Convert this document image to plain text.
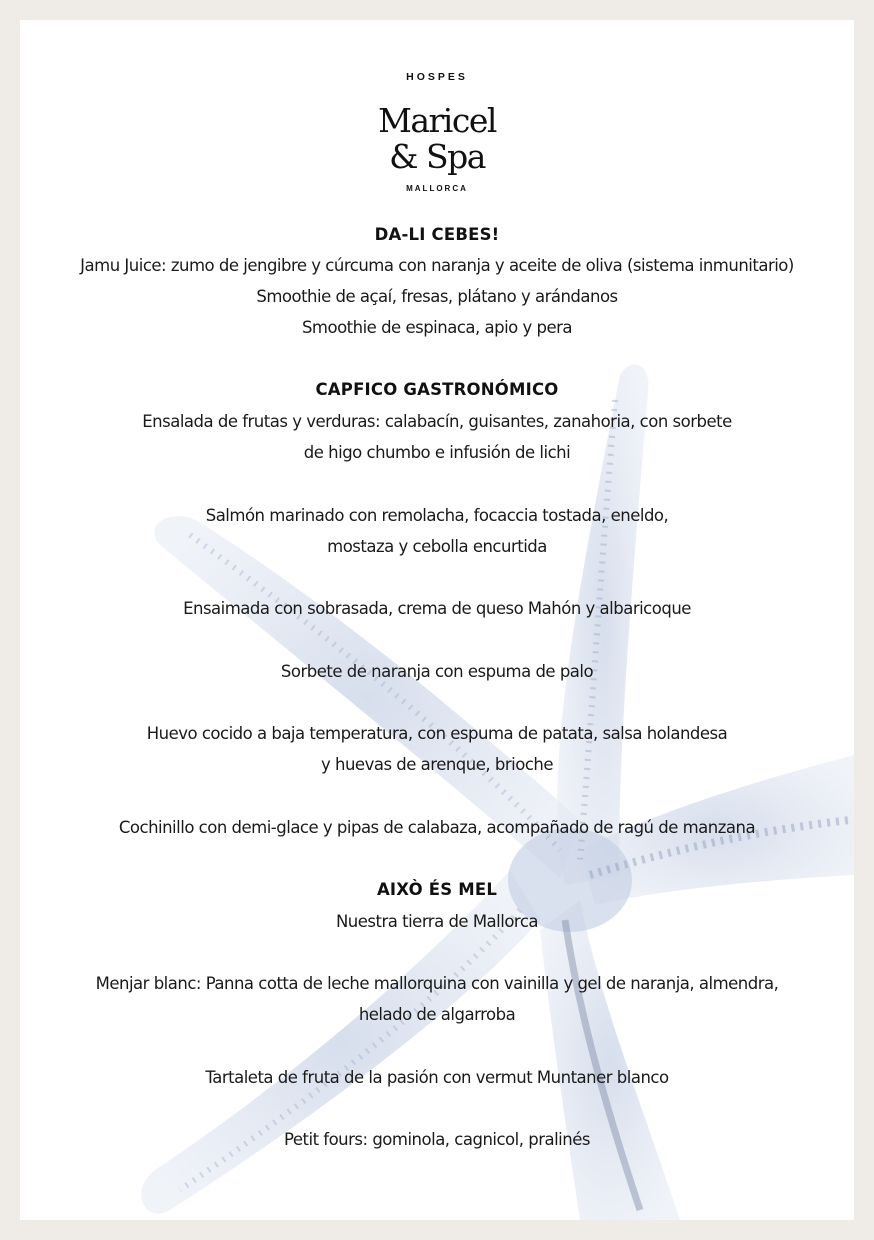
HOSPES
Maricel
& Spa
MALLORCA
DA-LI CEBES!
Jamu Juice: zumo de jengibre y cúrcuma con naranja y aceite de oliva (sistema inmunitario)
Smoothie de açaí, fresas, plátano y arándanos
Smoothie de espinaca, apio y pera
CAPFICO GASTRONÓMICO
Ensalada de frutas y verduras: calabacín, guisantes, zanahoria, con sorbete
de higo chumbo e infusión de lichi
Salmón marinado con remolacha, focaccia tostada, eneldo,
mostaza y cebolla encurtida
Ensaimada con sobrasada, crema de queso Mahón y albaricoque
Sorbete de naranja con espuma de palo
Huevo cocido a baja temperatura, con espuma de patata, salsa holandesa
y huevas de arenque, brioche
Cochinillo con demi-glace y pipas de calabaza, acompañado de ragú de manzana
AIXÒ ÉS MEL
Nuestra tierra de Mallorca
Menjar blanc: Panna cotta de leche mallorquina con vainilla y gel de naranja, almendra,
helado de algarroba
Tartaleta de fruta de la pasión con vermut Muntaner blanco
Petit fours: gominola, cagnicol, pralinés
